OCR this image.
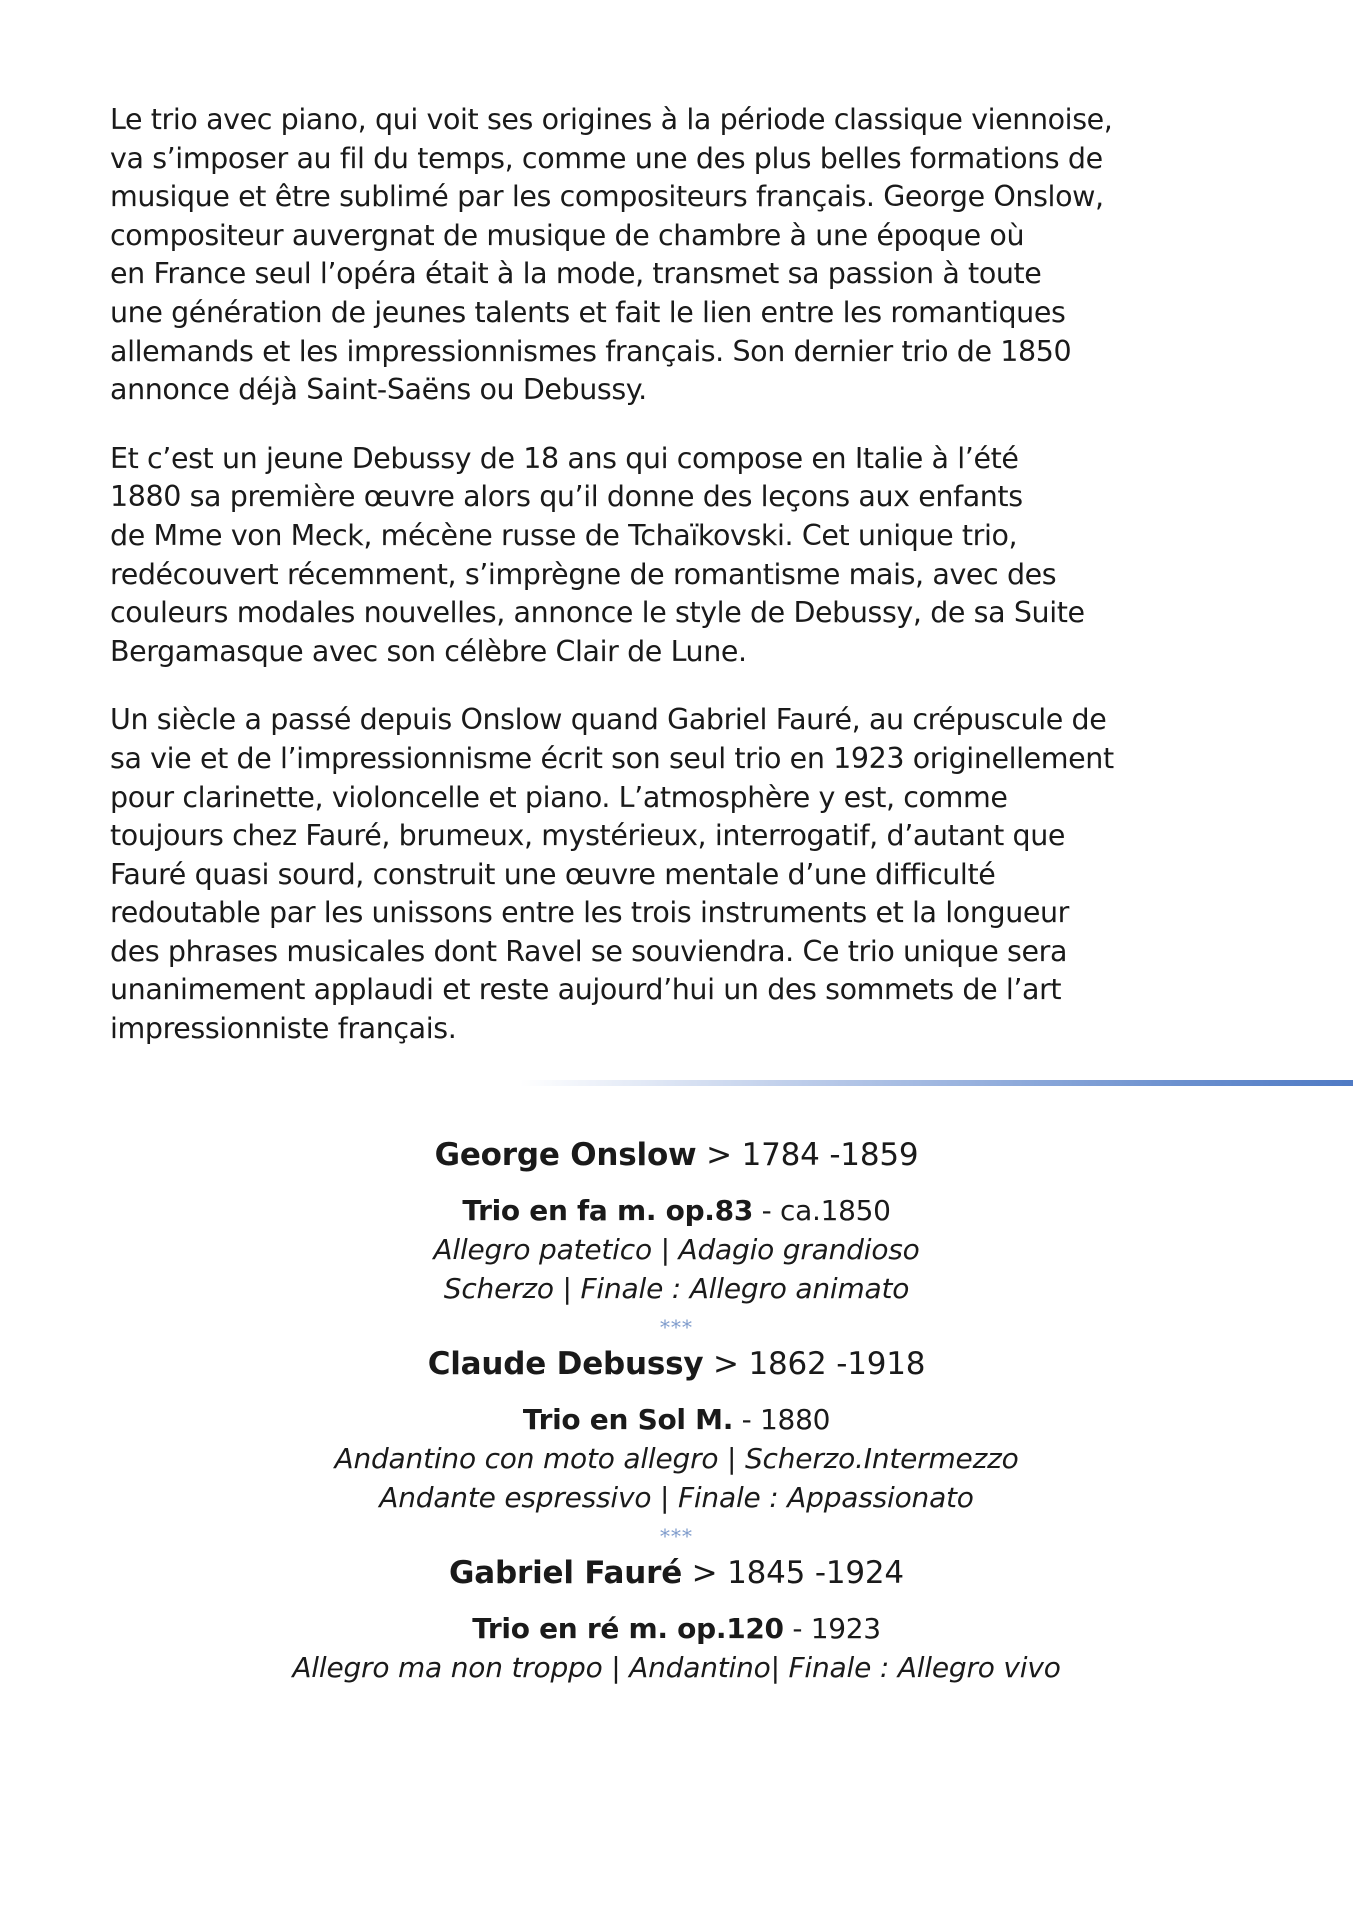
Le trio avec piano, qui voit ses origines à la période classique viennoise,
va s’imposer au fil du temps, comme une des plus belles formations de
musique et être sublimé par les compositeurs français. George Onslow,
compositeur auvergnat de musique de chambre à une époque où
en France seul l’opéra était à la mode, transmet sa passion à toute
une génération de jeunes talents et fait le lien entre les romantiques
allemands et les impressionnismes français. Son dernier trio de 1850
annonce déjà Saint-Saëns ou Debussy.

Et c’est un jeune Debussy de 18 ans qui compose en Italie à l’été
1880 sa première œuvre alors qu’il donne des leçons aux enfants
de Mme von Meck, mécène russe de Tchaïkovski. Cet unique trio,
redécouvert récemment, s’imprègne de romantisme mais, avec des
couleurs modales nouvelles, annonce le style de Debussy, de sa Suite
Bergamasque avec son célèbre Clair de Lune.

Un siècle a passé depuis Onslow quand Gabriel Fauré, au crépuscule de
sa vie et de l’impressionnisme écrit son seul trio en 1923 originellement
pour clarinette, violoncelle et piano. L’atmosphère y est, comme
toujours chez Fauré, brumeux, mystérieux, interrogatif, d’autant que
Fauré quasi sourd, construit une œuvre mentale d’une difficulté
redoutable par les unissons entre les trois instruments et la longueur
des phrases musicales dont Ravel se souviendra. Ce trio unique sera
unanimement applaudi et reste aujourd’hui un des sommets de l’art
impressionniste français.

George Onslow > 1784 -1859
Trio en fa m. op.83 - ca.1850
Allegro patetico | Adagio grandioso
Scherzo | Finale : Allegro animato
***
Claude Debussy > 1862 -1918
Trio en Sol M. - 1880
Andantino con moto allegro | Scherzo.Intermezzo
Andante espressivo | Finale : Appassionato
***
Gabriel Fauré > 1845 -1924
Trio en ré m. op.120 - 1923
Allegro ma non troppo | Andantino| Finale : Allegro vivo
